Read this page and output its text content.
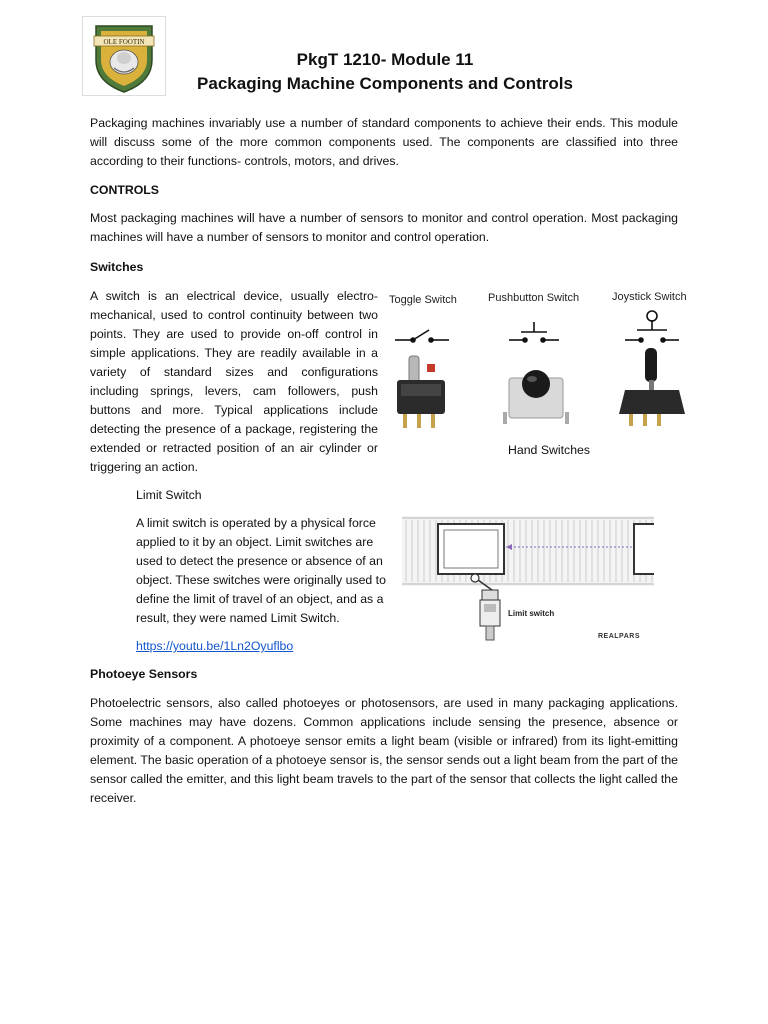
OLE FOOTIN
PkgT 1210- Module 11
Packaging Machine Components and Controls
Packaging machines invariably use a number of standard components to achieve their ends. This module will discuss some of the more common components used. The components are classified into three according to their functions- controls, motors, and drives.
CONTROLS
Most packaging machines will have a number of sensors to monitor and control operation. Most packaging machines will have a number of sensors to monitor and control operation.
Switches
A switch is an electrical device, usually electro-mechanical, used to control continuity between two points. They are used to provide on-off control in simple applications. They are readily available in a variety of standard sizes and configurations including springs, levers, cam followers, push buttons and more. Typical applications include detecting the presence of a package, registering the extended or retracted position of an air cylinder or triggering an action.
Toggle Switch	Pushbutton Switch	Joystick Switch
Hand Switches
Limit Switch
A limit switch is operated by a physical force applied to it by an object. Limit switches are used to detect the presence or absence of an object. These switches were originally used to define the limit of travel of an object, and as a result, they were named Limit Switch.
https://youtu.be/1Ln2Oyuflbo
Limit switch
REALPARS
Photoeye Sensors
Photoelectric sensors, also called photoeyes or photosensors, are used in many packaging applications. Some machines may have dozens. Common applications include sensing the presence, absence or proximity of a component. A photoeye sensor emits a light beam (visible or infrared) from its light-emitting element. The basic operation of a photoeye sensor is, the sensor sends out a light beam from the part of the sensor called the emitter, and this light beam travels to the part of the sensor that collects the light called the receiver.
